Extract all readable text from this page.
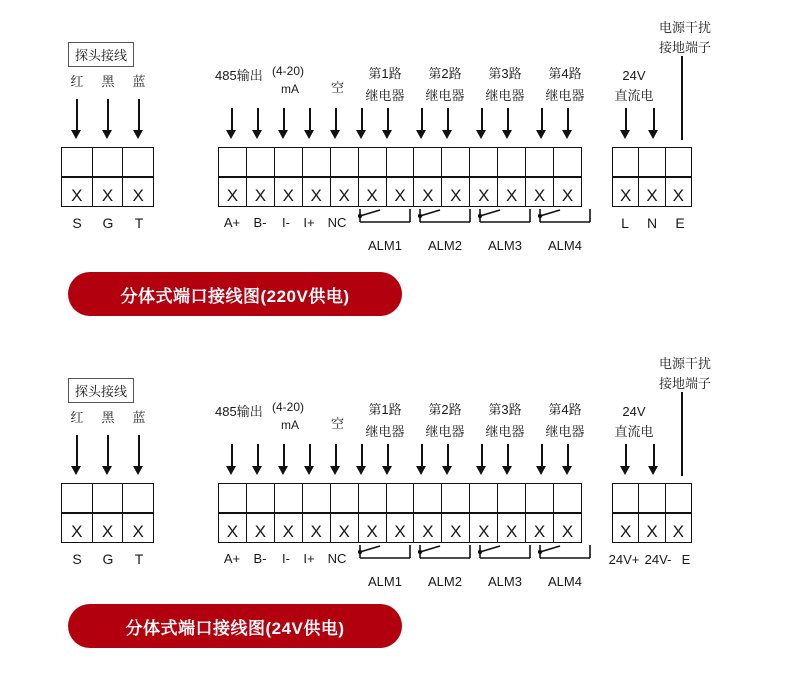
探头接线
红 黑 蓝
X	X	X
S G T
485输出 (4-20)
mA 空
第1路
继电器
第2路
继电器
第3路
继电器
第4路
继电器
X X X X X X X X X X X X X
A+ B- I- I+ NC
ALM1 ALM2 ALM3 ALM4
电源干扰
接地端子
24V
直流电
X X X
L N E
分体式端口接线图(220V供电)
探头接线
红 黑 蓝
X	X	X
S G T
485输出 (4-20)
mA 空
第1路
继电器
第2路
继电器
第3路
继电器
第4路
继电器
X X X X X X X X X X X X X
A+ B- I- I+ NC
ALM1 ALM2 ALM3 ALM4
电源干扰
接地端子
24V
直流电
X X X
24V+ 24V- E
分体式端口接线图(24V供电)
